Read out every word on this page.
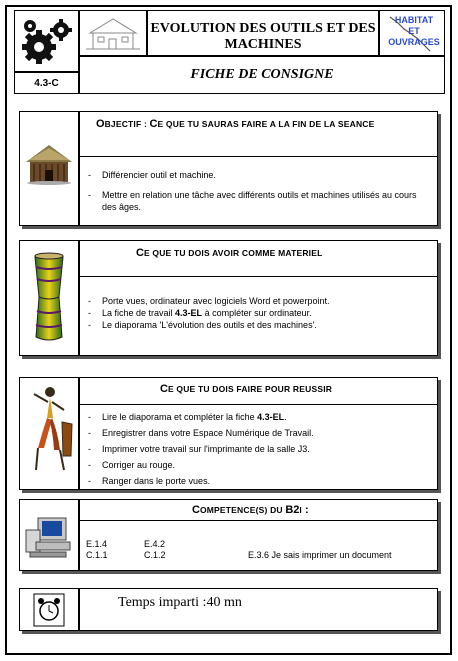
EVOLUTION DES OUTILS ET DES MACHINES
HABITAT ET OUVRAGES
4.3-C
FICHE DE CONSIGNE
OBJECTIF : CE QUE TU SAURAS FAIRE A LA FIN DE LA SEANCE
- Différencier outil et machine.
- Mettre en relation une tâche avec différents outils et machines utilisés au cours des âges.
CE QUE TU DOIS AVOIR COMME MATERIEL
- Porte vues, ordinateur avec logiciels Word et powerpoint.
- La fiche de travail 4.3-EL à compléter sur ordinateur.
- Le diaporama 'L'évolution des outils et des machines'.
CE QUE TU DOIS FAIRE POUR REUSSIR
- Lire le diaporama et compléter la fiche 4.3-EL.
- Enregistrer dans votre Espace Numérique de Travail.
- Imprimer votre travail sur l'imprimante de la salle J3.
- Corriger au rouge.
- Ranger dans le porte vues.
COMPETENCE(S) DU B2I :
E.1.4	E.4.2
C.1.1	C.1.2	E.3.6 Je sais imprimer un document
Temps imparti :40 mn
